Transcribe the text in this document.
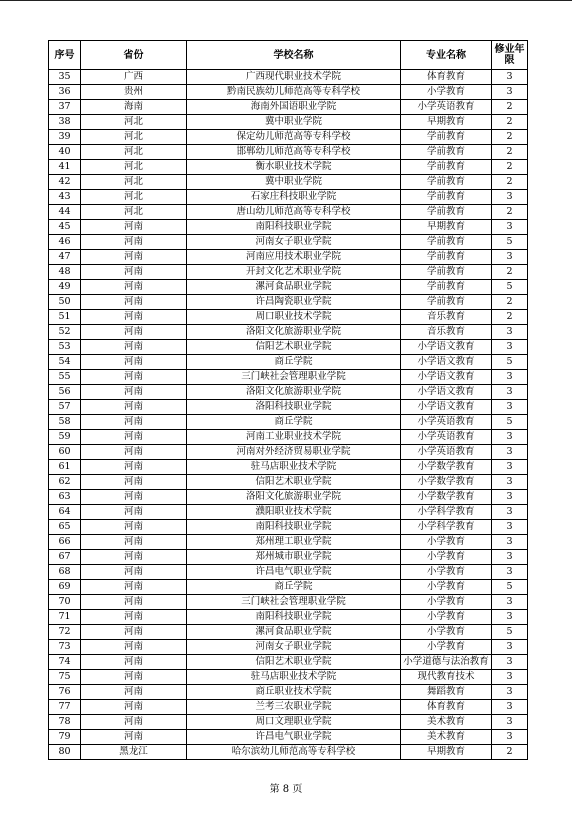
序号	省份	学校名称	专业名称	修业年限
35	广西	广西现代职业技术学院	体育教育	3
36	贵州	黔南民族幼儿师范高等专科学校	小学教育	3
37	海南	海南外国语职业学院	小学英语教育	2
38	河北	冀中职业学院	早期教育	2
39	河北	保定幼儿师范高等专科学校	学前教育	2
40	河北	邯郸幼儿师范高等专科学校	学前教育	2
41	河北	衡水职业技术学院	学前教育	2
42	河北	冀中职业学院	学前教育	2
43	河北	石家庄科技职业学院	学前教育	3
44	河北	唐山幼儿师范高等专科学校	学前教育	2
45	河南	南阳科技职业学院	早期教育	3
46	河南	河南女子职业学院	学前教育	5
47	河南	河南应用技术职业学院	学前教育	3
48	河南	开封文化艺术职业学院	学前教育	2
49	河南	漯河食品职业学院	学前教育	5
50	河南	许昌陶瓷职业学院	学前教育	2
51	河南	周口职业技术学院	音乐教育	2
52	河南	洛阳文化旅游职业学院	音乐教育	3
53	河南	信阳艺术职业学院	小学语文教育	3
54	河南	商丘学院	小学语文教育	5
55	河南	三门峡社会管理职业学院	小学语文教育	3
56	河南	洛阳文化旅游职业学院	小学语文教育	3
57	河南	洛阳科技职业学院	小学语文教育	3
58	河南	商丘学院	小学英语教育	5
59	河南	河南工业职业技术学院	小学英语教育	3
60	河南	河南对外经济贸易职业学院	小学英语教育	3
61	河南	驻马店职业技术学院	小学数学教育	3
62	河南	信阳艺术职业学院	小学数学教育	3
63	河南	洛阳文化旅游职业学院	小学数学教育	3
64	河南	濮阳职业技术学院	小学科学教育	3
65	河南	南阳科技职业学院	小学科学教育	3
66	河南	郑州理工职业学院	小学教育	3
67	河南	郑州城市职业学院	小学教育	3
68	河南	许昌电气职业学院	小学教育	3
69	河南	商丘学院	小学教育	5
70	河南	三门峡社会管理职业学院	小学教育	3
71	河南	南阳科技职业学院	小学教育	3
72	河南	漯河食品职业学院	小学教育	5
73	河南	河南女子职业学院	小学教育	3
74	河南	信阳艺术职业学院	小学道德与法治教育	3
75	河南	驻马店职业技术学院	现代教育技术	3
76	河南	商丘职业技术学院	舞蹈教育	3
77	河南	兰考三农职业学院	体育教育	3
78	河南	周口文理职业学院	美术教育	3
79	河南	许昌电气职业学院	美术教育	3
80	黑龙江	哈尔滨幼儿师范高等专科学校	早期教育	2
第 8 页
